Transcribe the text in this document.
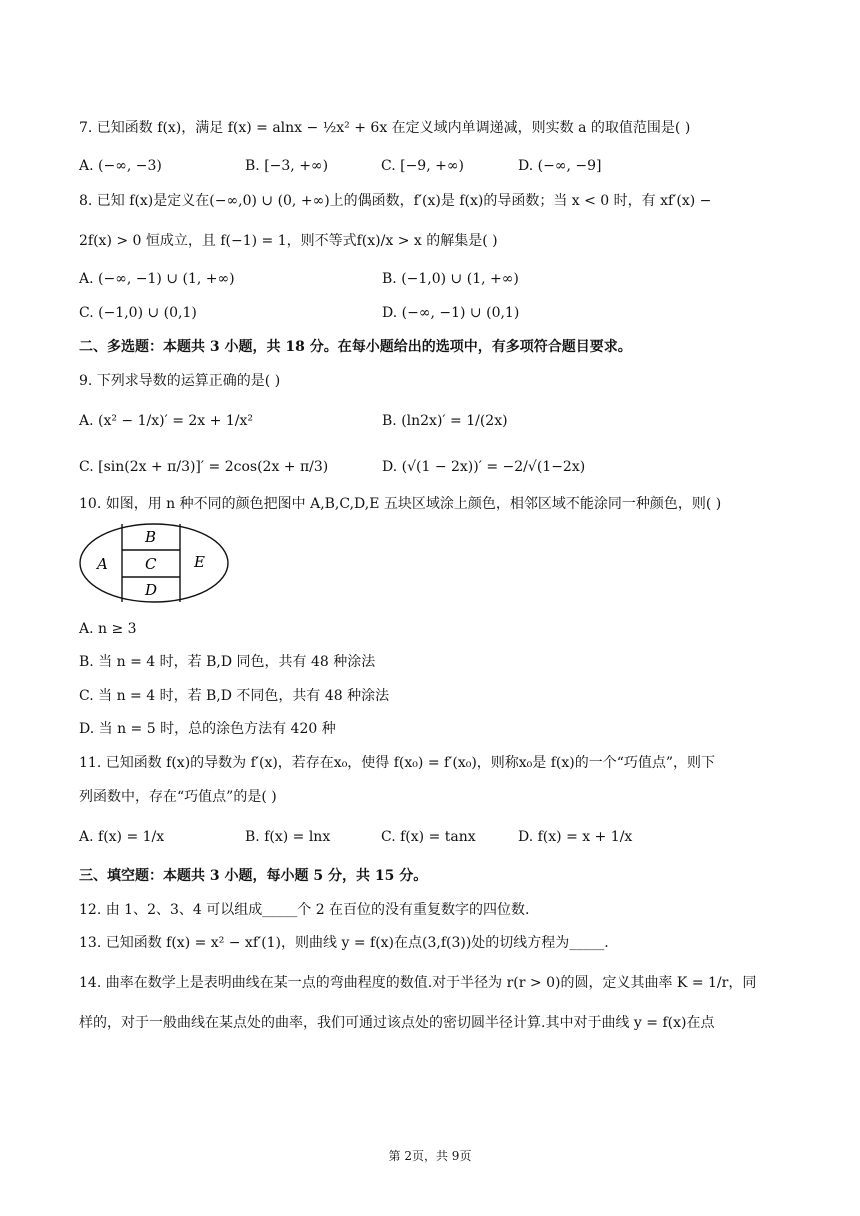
7. 已知函数 f(x)，满足 f(x) = alnx − ½x² + 6x 在定义域内单调递减，则实数 a 的取值范围是( )
A. (−∞, −3)	B. [−3, +∞)	C. [−9, +∞)	D. (−∞, −9]
8. 已知 f(x)是定义在(−∞,0) ∪ (0, +∞)上的偶函数，f′(x)是 f(x)的导函数；当 x < 0 时，有 xf′(x) −
2f(x) > 0 恒成立，且 f(−1) = 1，则不等式f(x)/x > x 的解集是( )
A. (−∞, −1) ∪ (1, +∞)	B. (−1,0) ∪ (1, +∞)
C. (−1,0) ∪ (0,1)	D. (−∞, −1) ∪ (0,1)
二、多选题：本题共 3 小题，共 18 分。在每小题给出的选项中，有多项符合题目要求。
9. 下列求导数的运算正确的是( )
A. (x² − 1/x)′ = 2x + 1/x²	B. (ln2x)′ = 1/(2x)
C. [sin(2x + π/3)]′ = 2cos(2x + π/3)	D. (√(1 − 2x))′ = −2/√(1−2x)
10. 如图，用 n 种不同的颜色把图中 A,B,C,D,E 五块区域涂上颜色，相邻区域不能涂同一种颜色，则( )
A
B
C
D
E
A. n ≥ 3
B. 当 n = 4 时，若 B,D 同色，共有 48 种涂法
C. 当 n = 4 时，若 B,D 不同色，共有 48 种涂法
D. 当 n = 5 时，总的涂色方法有 420 种
11. 已知函数 f(x)的导数为 f′(x)，若存在x₀，使得 f(x₀) = f′(x₀)，则称x₀是 f(x)的一个“巧值点”，则下
列函数中，存在“巧值点”的是( )
A. f(x) = 1/x	B. f(x) = lnx	C. f(x) = tanx	D. f(x) = x + 1/x
三、填空题：本题共 3 小题，每小题 5 分，共 15 分。
12. 由 1、2、3、4 可以组成_____个 2 在百位的没有重复数字的四位数.
13. 已知函数 f(x) = x² − xf′(1)，则曲线 y = f(x)在点(3,f(3))处的切线方程为_____.
14. 曲率在数学上是表明曲线在某一点的弯曲程度的数值.对于半径为 r(r > 0)的圆，定义其曲率 K = 1/r，同
样的，对于一般曲线在某点处的曲率，我们可通过该点处的密切圆半径计算.其中对于曲线 y = f(x)在点
第 2页，共 9页
